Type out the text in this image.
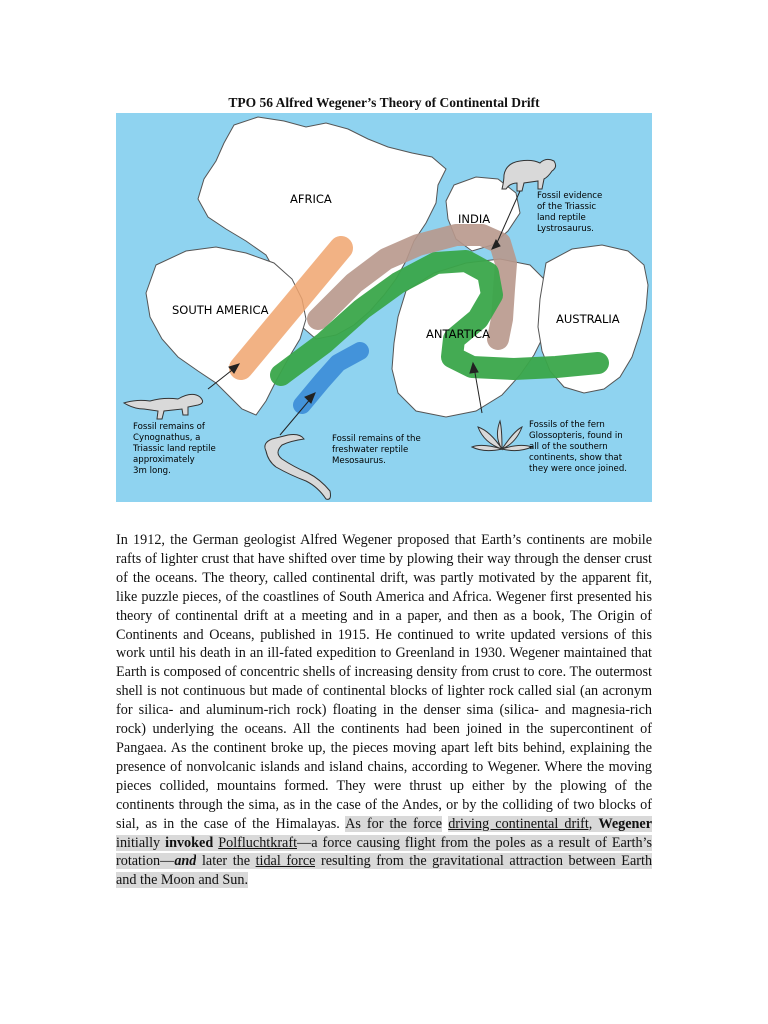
TPO 56 Alfred Wegener’s Theory of Continental Drift
AFRICA
SOUTH AMERICA
INDIA
ANTARTICA
AUSTRALIA
Fossil evidence
of the Triassic
land reptile
Lystrosaurus.
Fossil remains of
Cynognathus, a
Triassic land reptile
approximately
3m long.
Fossil remains of the
freshwater reptile
Mesosaurus.
Fossils of the fern
Glossopteris, found in
all of the southern
continents, show that
they were once joined.
In 1912, the German geologist Alfred Wegener proposed that Earth’s continents are mobile rafts of lighter crust that have shifted over time by plowing their way through the denser crust of the oceans. The theory, called continental drift, was partly motivated by the apparent fit, like puzzle pieces, of the coastlines of South America and Africa. Wegener first presented his theory of continental drift at a meeting and in a paper, and then as a book, The Origin of Continents and Oceans, published in 1915. He continued to write updated versions of this work until his death in an ill-fated expedition to Greenland in 1930. Wegener maintained that Earth is composed of concentric shells of increasing density from crust to core. The outermost shell is not continuous but made of continental blocks of lighter rock called sial (an acronym for silica- and aluminum-rich rock) floating in the denser sima (silica- and magnesia-rich rock) underlying the oceans. All the continents had been joined in the supercontinent of Pangaea. As the continent broke up, the pieces moving apart left bits behind, explaining the presence of nonvolcanic islands and island chains, according to Wegener. Where the moving pieces collided, mountains formed. They were thrust up either by the plowing of the continents through the sima, as in the case of the Andes, or by the colliding of two blocks of sial, as in the case of the Himalayas. As for the force driving continental drift, Wegener initially invoked Polfluchtkraft—a force causing flight from the poles as a result of Earth’s rotation—and later the tidal force resulting from the gravitational attraction between Earth and the Moon and Sun.
